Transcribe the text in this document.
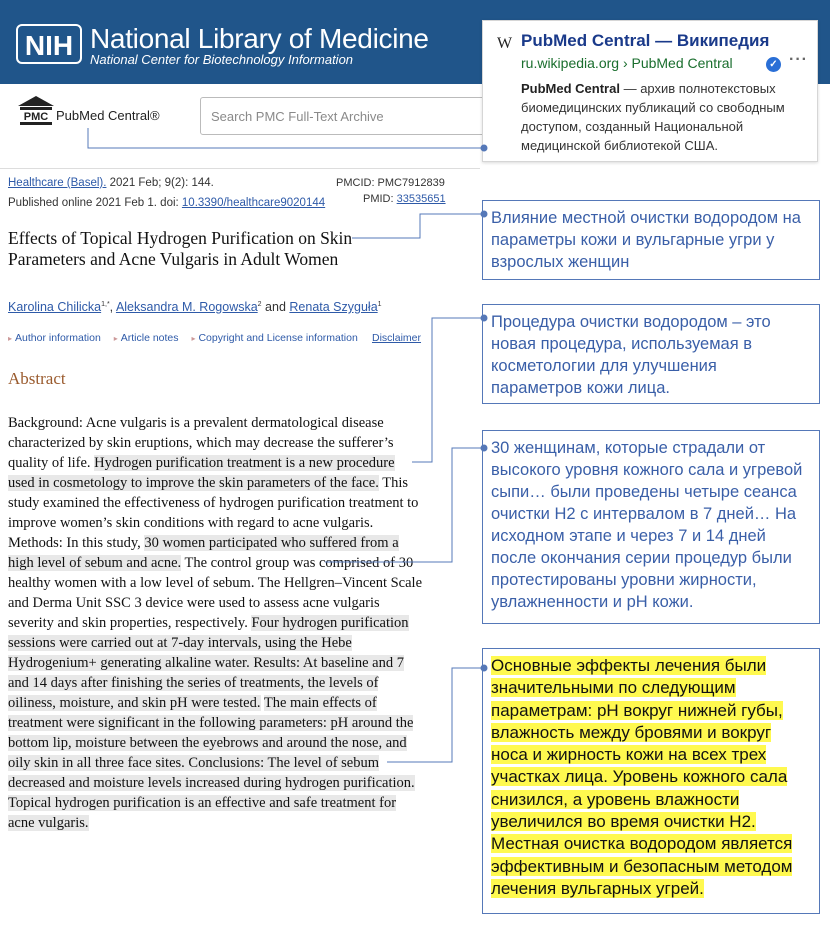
NIH National Library of Medicine
National Center for Biotechnology Information
PMC PubMed Central®
Search PMC Full-Text Archive
W PubMed Central — Википедия
ru.wikipedia.org › PubMed Central	✓ ···
PubMed Central — архив полнотекстовых биомедицинских публикаций со свободным доступом, созданный Национальной медицинской библиотекой США.
Healthcare (Basel). 2021 Feb; 9(2): 144.
Published online 2021 Feb 1. doi: 10.3390/healthcare9020144
PMCID: PMC7912839
PMID: 33535651
Effects of Topical Hydrogen Purification on Skin Parameters and Acne Vulgaris in Adult Women
Karolina Chilicka$^{1,*}$, Aleksandra M. Rogowska$^2$ and Renata Szyguła$^1$
▸ Author information ▸ Article notes ▸ Copyright and License information	Disclaimer
Abstract
Background: Acne vulgaris is a prevalent dermatological disease characterized by skin eruptions, which may decrease the sufferer’s quality of life. Hydrogen purification treatment is a new procedure used in cosmetology to improve the skin parameters of the face. This study examined the effectiveness of hydrogen purification treatment to improve women’s skin conditions with regard to acne vulgaris. Methods: In this study, 30 women participated who suffered from a high level of sebum and acne. The control group was comprised of 30 healthy women with a low level of sebum. The Hellgren–Vincent Scale and Derma Unit SSC 3 device were used to assess acne vulgaris severity and skin properties, respectively. Four hydrogen purification sessions were carried out at 7-day intervals, using the Hebe Hydrogenium+ generating alkaline water. Results: At baseline and 7 and 14 days after finishing the series of treatments, the levels of oiliness, moisture, and skin pH were tested. The main effects of treatment were significant in the following parameters: pH around the bottom lip, moisture between the eyebrows and around the nose, and oily skin in all three face sites. Conclusions: The level of sebum decreased and moisture levels increased during hydrogen purification. Topical hydrogen purification is an effective and safe treatment for acne vulgaris.
Влияние местной очистки водородом на параметры кожи и вульгарные угри у взрослых женщин
Процедура очистки водородом – это новая процедура, используемая в косметологии для улучшения параметров кожи лица.
30 женщинам, которые страдали от высокого уровня кожного сала и угревой сыпи… были проведены четыре сеанса очистки H2 с интервалом в 7 дней… На исходном этапе и через 7 и 14 дней после окончания серии процедур были протестированы уровни жирности, увлажненности и pH кожи.
Основные эффекты лечения были значительными по следующим параметрам: pH вокруг нижней губы, влажность между бровями и вокруг носа и жирность кожи на всех трех участках лица. Уровень кожного сала снизился, а уровень влажности увеличился во время очистки H2. Местная очистка водородом является эффективным и безопасным методом лечения вульгарных угрей.
